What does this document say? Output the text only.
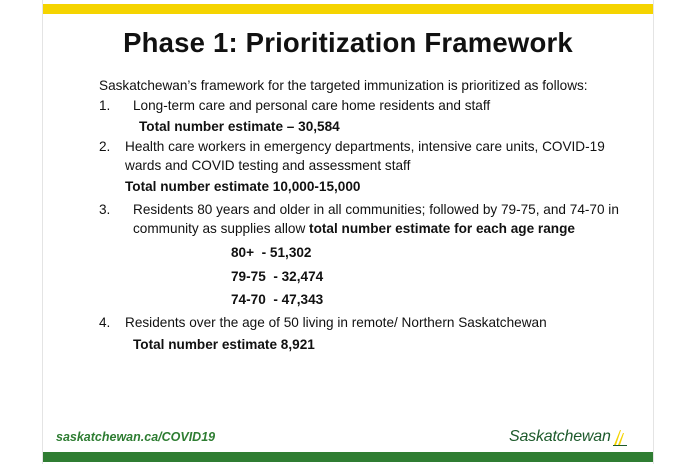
Phase 1: Prioritization Framework

Saskatchewan’s framework for the targeted immunization is prioritized as follows:

1.	Long-term care and personal care home residents and staff
Total number estimate – 30,584
2.	Health care workers in emergency departments, intensive care units, COVID-19 wards and COVID testing and assessment staff
Total number estimate 10,000-15,000
3.	Residents 80 years and older in all communities; followed by 79-75, and 74-70 in community as supplies allow total number estimate for each age range
80+  - 51,302
79-75  - 32,474
74-70  - 47,343
4.	Residents over the age of 50 living in remote/ Northern Saskatchewan
Total number estimate 8,921
saskatchewan.ca/COVID19	Saskatchewan
